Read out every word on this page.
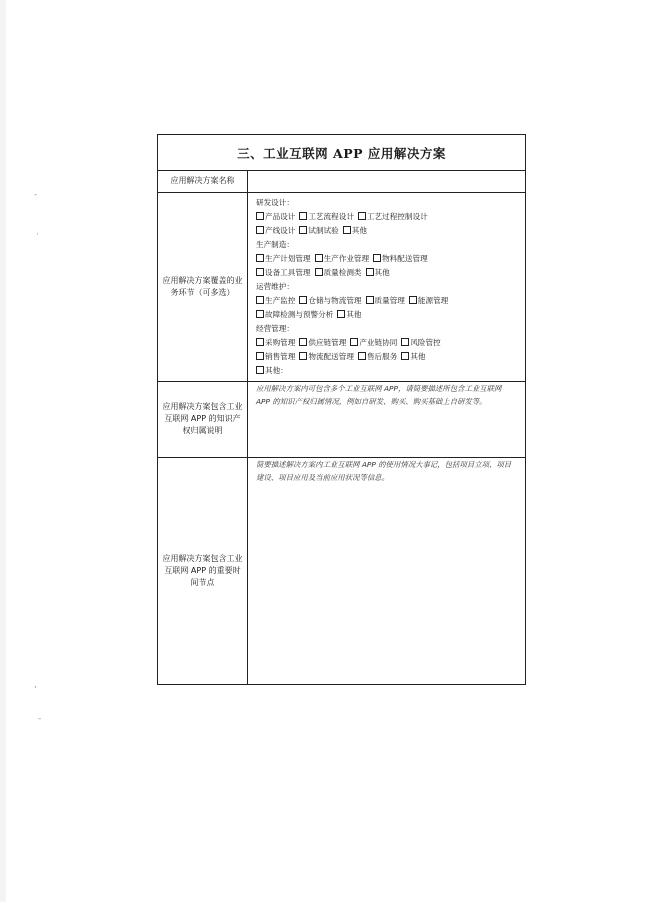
-
·
,
-
三、工业互联网 APP 应用解决方案
应用解决方案名称
应用解决方案覆盖的业务环节（可多选）
研发设计：
产品设计 工艺流程设计 工艺过程控制设计
产线设计 试制试验 其他
生产制造：
生产计划管理 生产作业管理 物料配送管理
设备工具管理 质量检测类 其他
运营维护：
生产监控 仓储与物流管理 质量管理 能源管理
故障检测与预警分析 其他
经营管理：
采购管理 供应链管理 产业链协同 风险管控
销售管理 物流配送管理 售后服务 其他
其他：
应用解决方案包含工业互联网 APP 的知识产权归属说明
应用解决方案内可包含多个工业互联网 APP，请简要描述所包含工业互联网 APP 的知识产权归属情况，例如自研发、购买、购买基础上自研发等。
应用解决方案包含工业互联网 APP 的重要时间节点
简要描述解决方案内工业互联网 APP 的使用情况大事记，包括项目立项、项目建设、项目应用及当前应用状况等信息。
